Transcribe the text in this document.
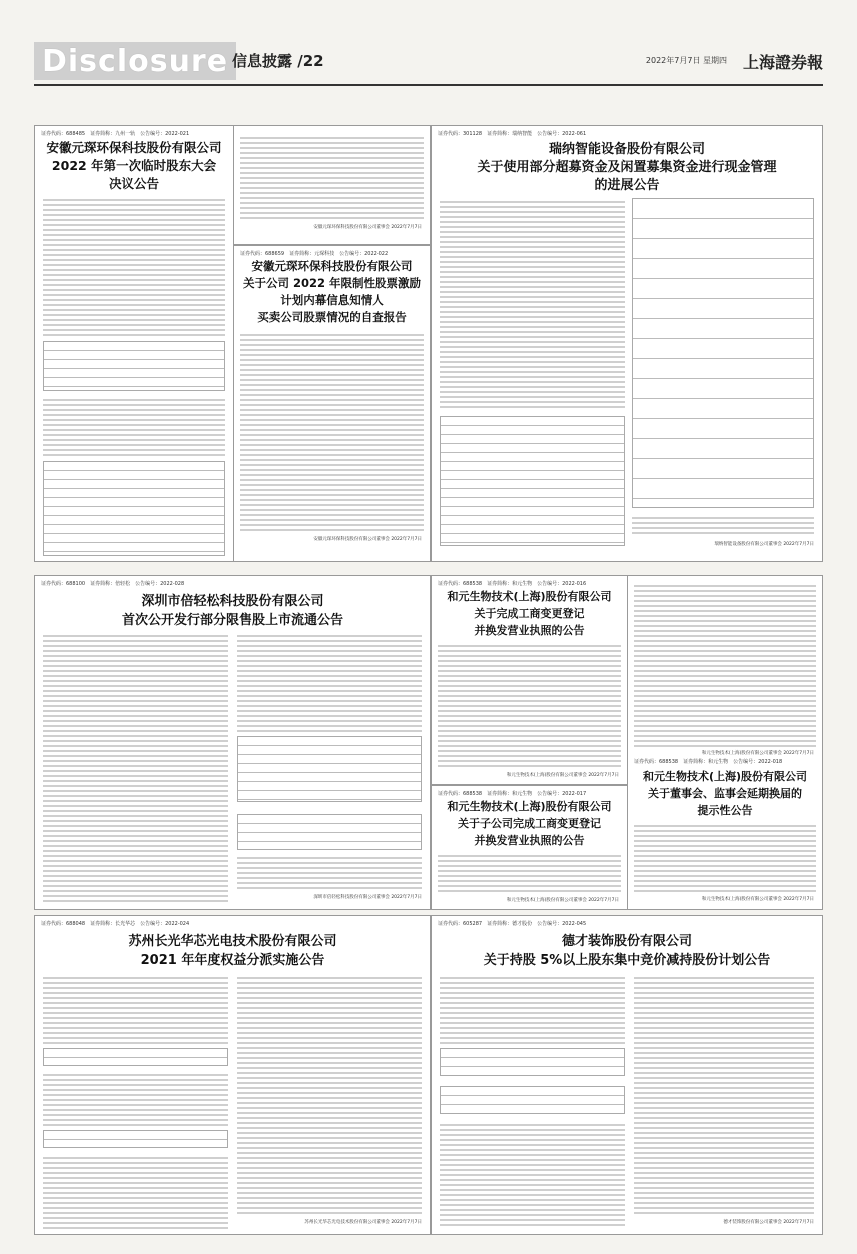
Disclosure 信息披露 /22	2022年7月7日 星期四 上海證券報
证券代码：688485　证券简称：九州一轨　公告编号：2022-021
安徽元琛环保科技股份有限公司
2022 年第一次临时股东大会
决议公告
安徽元琛环保科技股份有限公司董事会 2022年7月7日
证券代码：688659　证券简称：元琛科技　公告编号：2022-022
安徽元琛环保科技股份有限公司
关于公司 2022 年限制性股票激励
计划内幕信息知情人
买卖公司股票情况的自查报告
安徽元琛环保科技股份有限公司董事会 2022年7月7日
证券代码：301128　证券简称：瑞纳智能　公告编号：2022-061
瑞纳智能设备股份有限公司
关于使用部分超募资金及闲置募集资金进行现金管理
的进展公告
瑞纳智能设备股份有限公司董事会 2022年7月7日
证券代码：688100　证券简称：倍轻松　公告编号：2022-028
深圳市倍轻松科技股份有限公司
首次公开发行部分限售股上市流通公告
深圳市倍轻松科技股份有限公司董事会 2022年7月7日
证券代码：688538　证券简称：和元生物　公告编号：2022-016
和元生物技术(上海)股份有限公司
关于完成工商变更登记
并换发营业执照的公告
和元生物技术(上海)股份有限公司董事会 2022年7月7日
证券代码：688538　证券简称：和元生物　公告编号：2022-017
和元生物技术(上海)股份有限公司
关于子公司完成工商变更登记
并换发营业执照的公告
和元生物技术(上海)股份有限公司董事会 2022年7月7日
和元生物技术(上海)股份有限公司董事会 2022年7月7日
证券代码：688538　证券简称：和元生物　公告编号：2022-018
和元生物技术(上海)股份有限公司
关于董事会、监事会延期换届的
提示性公告
和元生物技术(上海)股份有限公司董事会 2022年7月7日
证券代码：688048　证券简称：长光华芯　公告编号：2022-024
苏州长光华芯光电技术股份有限公司
2021 年年度权益分派实施公告
苏州长光华芯光电技术股份有限公司董事会 2022年7月7日
证券代码：605287　证券简称：德才股份　公告编号：2022-045
德才装饰股份有限公司
关于持股 5%以上股东集中竞价减持股份计划公告
德才装饰股份有限公司董事会 2022年7月7日
